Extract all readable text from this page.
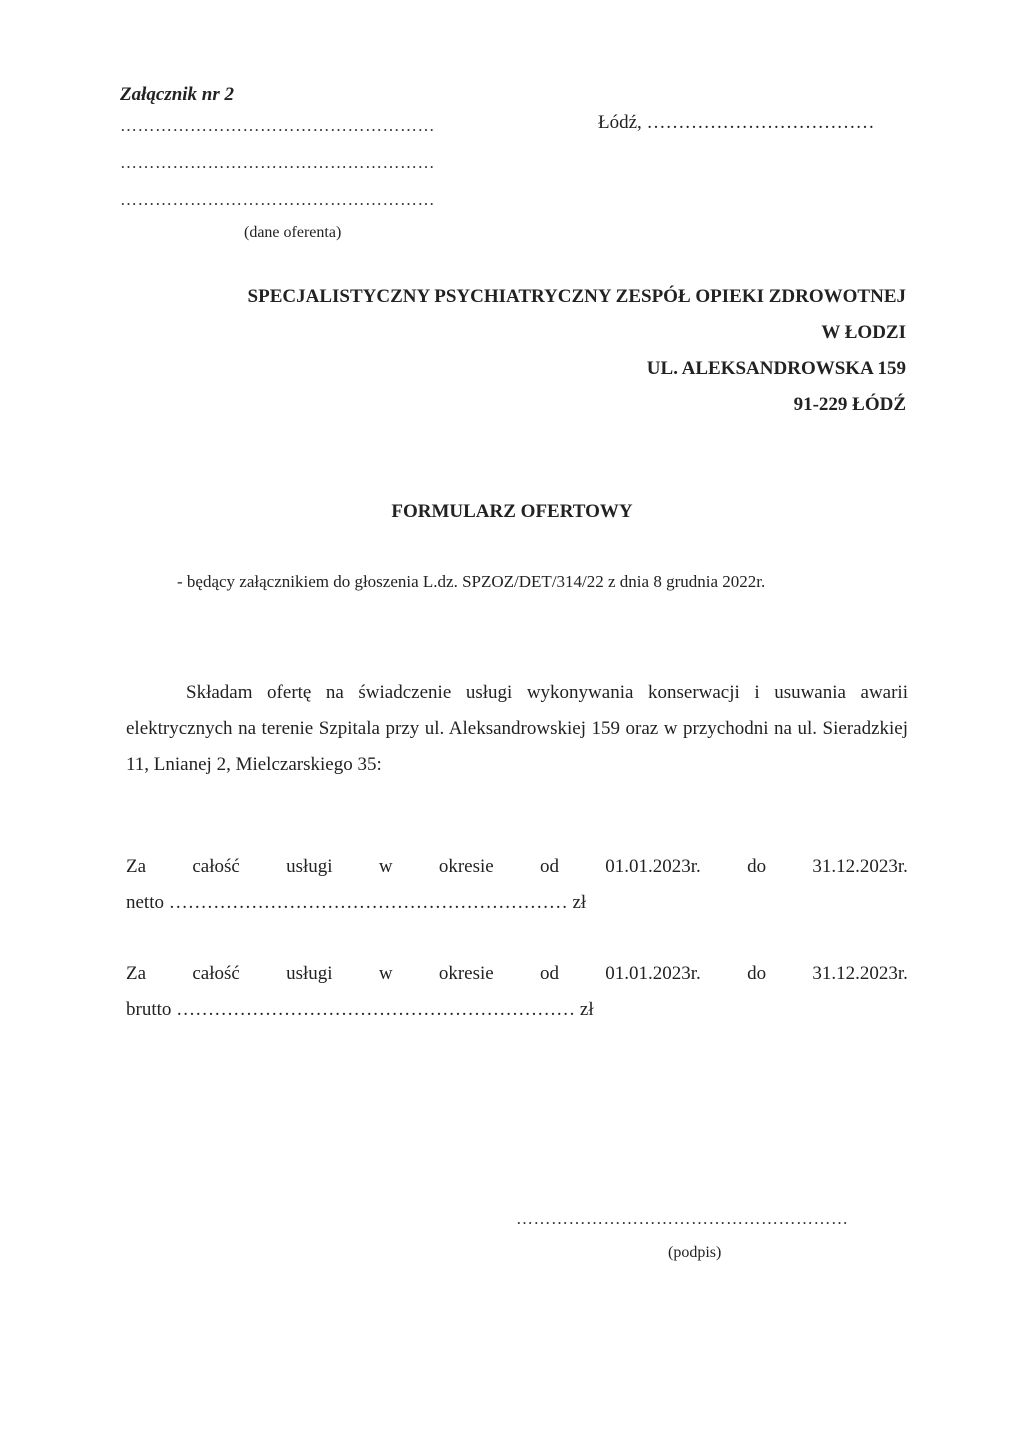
Załącznik nr 2
………………………………………………
………………………………………………
………………………………………………
(dane oferenta)
Łódź, ………………………………
SPECJALISTYCZNY PSYCHIATRYCZNY ZESPÓŁ OPIEKI ZDROWOTNEJ
W ŁODZI
UL. ALEKSANDROWSKA 159
91-229 ŁÓDŹ
FORMULARZ OFERTOWY
- będący załącznikiem do głoszenia L.dz. SPZOZ/DET/314/22 z dnia 8 grudnia 2022r.
Składam ofertę na świadczenie usługi wykonywania konserwacji i usuwania awarii elektrycznych na terenie Szpitala przy ul. Aleksandrowskiej 159 oraz w przychodni na ul. Sieradzkiej 11, Lnianej 2, Mielczarskiego 35:
Za całość usługi w okresie od 01.01.2023r. do 31.12.2023r.
netto ……………………………………………………… zł
Za całość usługi w okresie od 01.01.2023r. do 31.12.2023r.
brutto ……………………………………………………… zł
…………………………………………………
(podpis)
